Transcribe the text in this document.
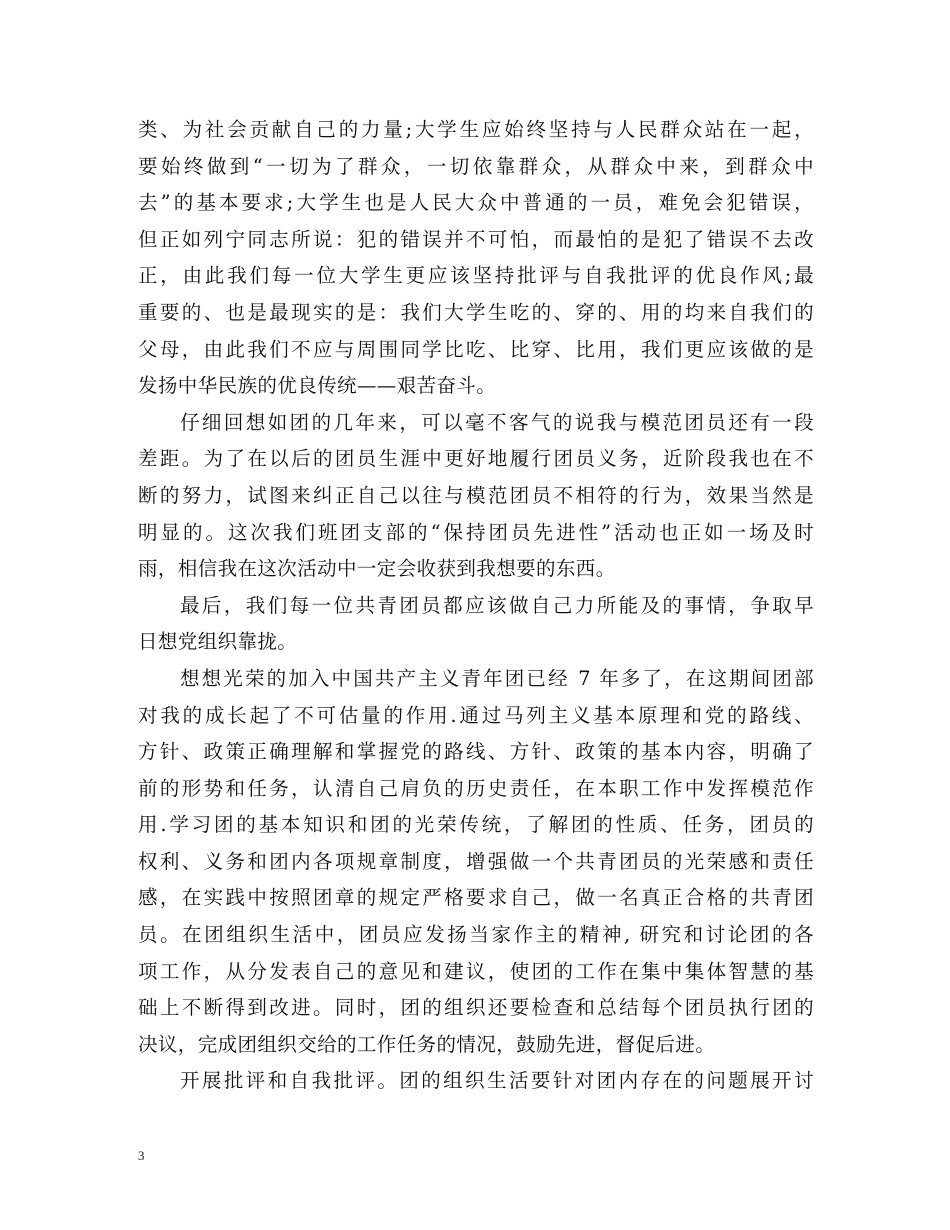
类、为社会贡献自己的力量;大学生应始终坚持与人民群众站在一起，
要始终做到“一切为了群众，一切依靠群众，从群众中来，到群众中
去”的基本要求;大学生也是人民大众中普通的一员，难免会犯错误，
但正如列宁同志所说：犯的错误并不可怕，而最怕的是犯了错误不去改
正，由此我们每一位大学生更应该坚持批评与自我批评的优良作风;最
重要的、也是最现实的是：我们大学生吃的、穿的、用的均来自我们的
父母，由此我们不应与周围同学比吃、比穿、比用，我们更应该做的是
发扬中华民族的优良传统——艰苦奋斗。
仔细回想如团的几年来，可以毫不客气的说我与模范团员还有一段
差距。为了在以后的团员生涯中更好地履行团员义务，近阶段我也在不
断的努力，试图来纠正自己以往与模范团员不相符的行为，效果当然是
明显的。这次我们班团支部的“保持团员先进性”活动也正如一场及时
雨，相信我在这次活动中一定会收获到我想要的东西。
最后，我们每一位共青团员都应该做自己力所能及的事情，争取早
日想党组织靠拢。
想想光荣的加入中国共产主义青年团已经 7 年多了，在这期间团部
对我的成长起了不可估量的作用.通过马列主义基本原理和党的路线、
方针、政策正确理解和掌握党的路线、方针、政策的基本内容，明确了
前的形势和任务，认清自己肩负的历史责任，在本职工作中发挥模范作
用.学习团的基本知识和团的光荣传统，了解团的性质、任务，团员的
权利、义务和团内各项规章制度，增强做一个共青团员的光荣感和责任
感，在实践中按照团章的规定严格要求自己，做一名真正合格的共青团
员。在团组织生活中，团员应发扬当家作主的精神, 研究和讨论团的各
项工作，从分发表自己的意见和建议，使团的工作在集中集体智慧的基
础上不断得到改进。同时，团的组织还要检查和总结每个团员执行团的
决议，完成团组织交给的工作任务的情况，鼓励先进，督促后进。
开展批评和自我批评。团的组织生活要针对团内存在的问题展开讨
3
